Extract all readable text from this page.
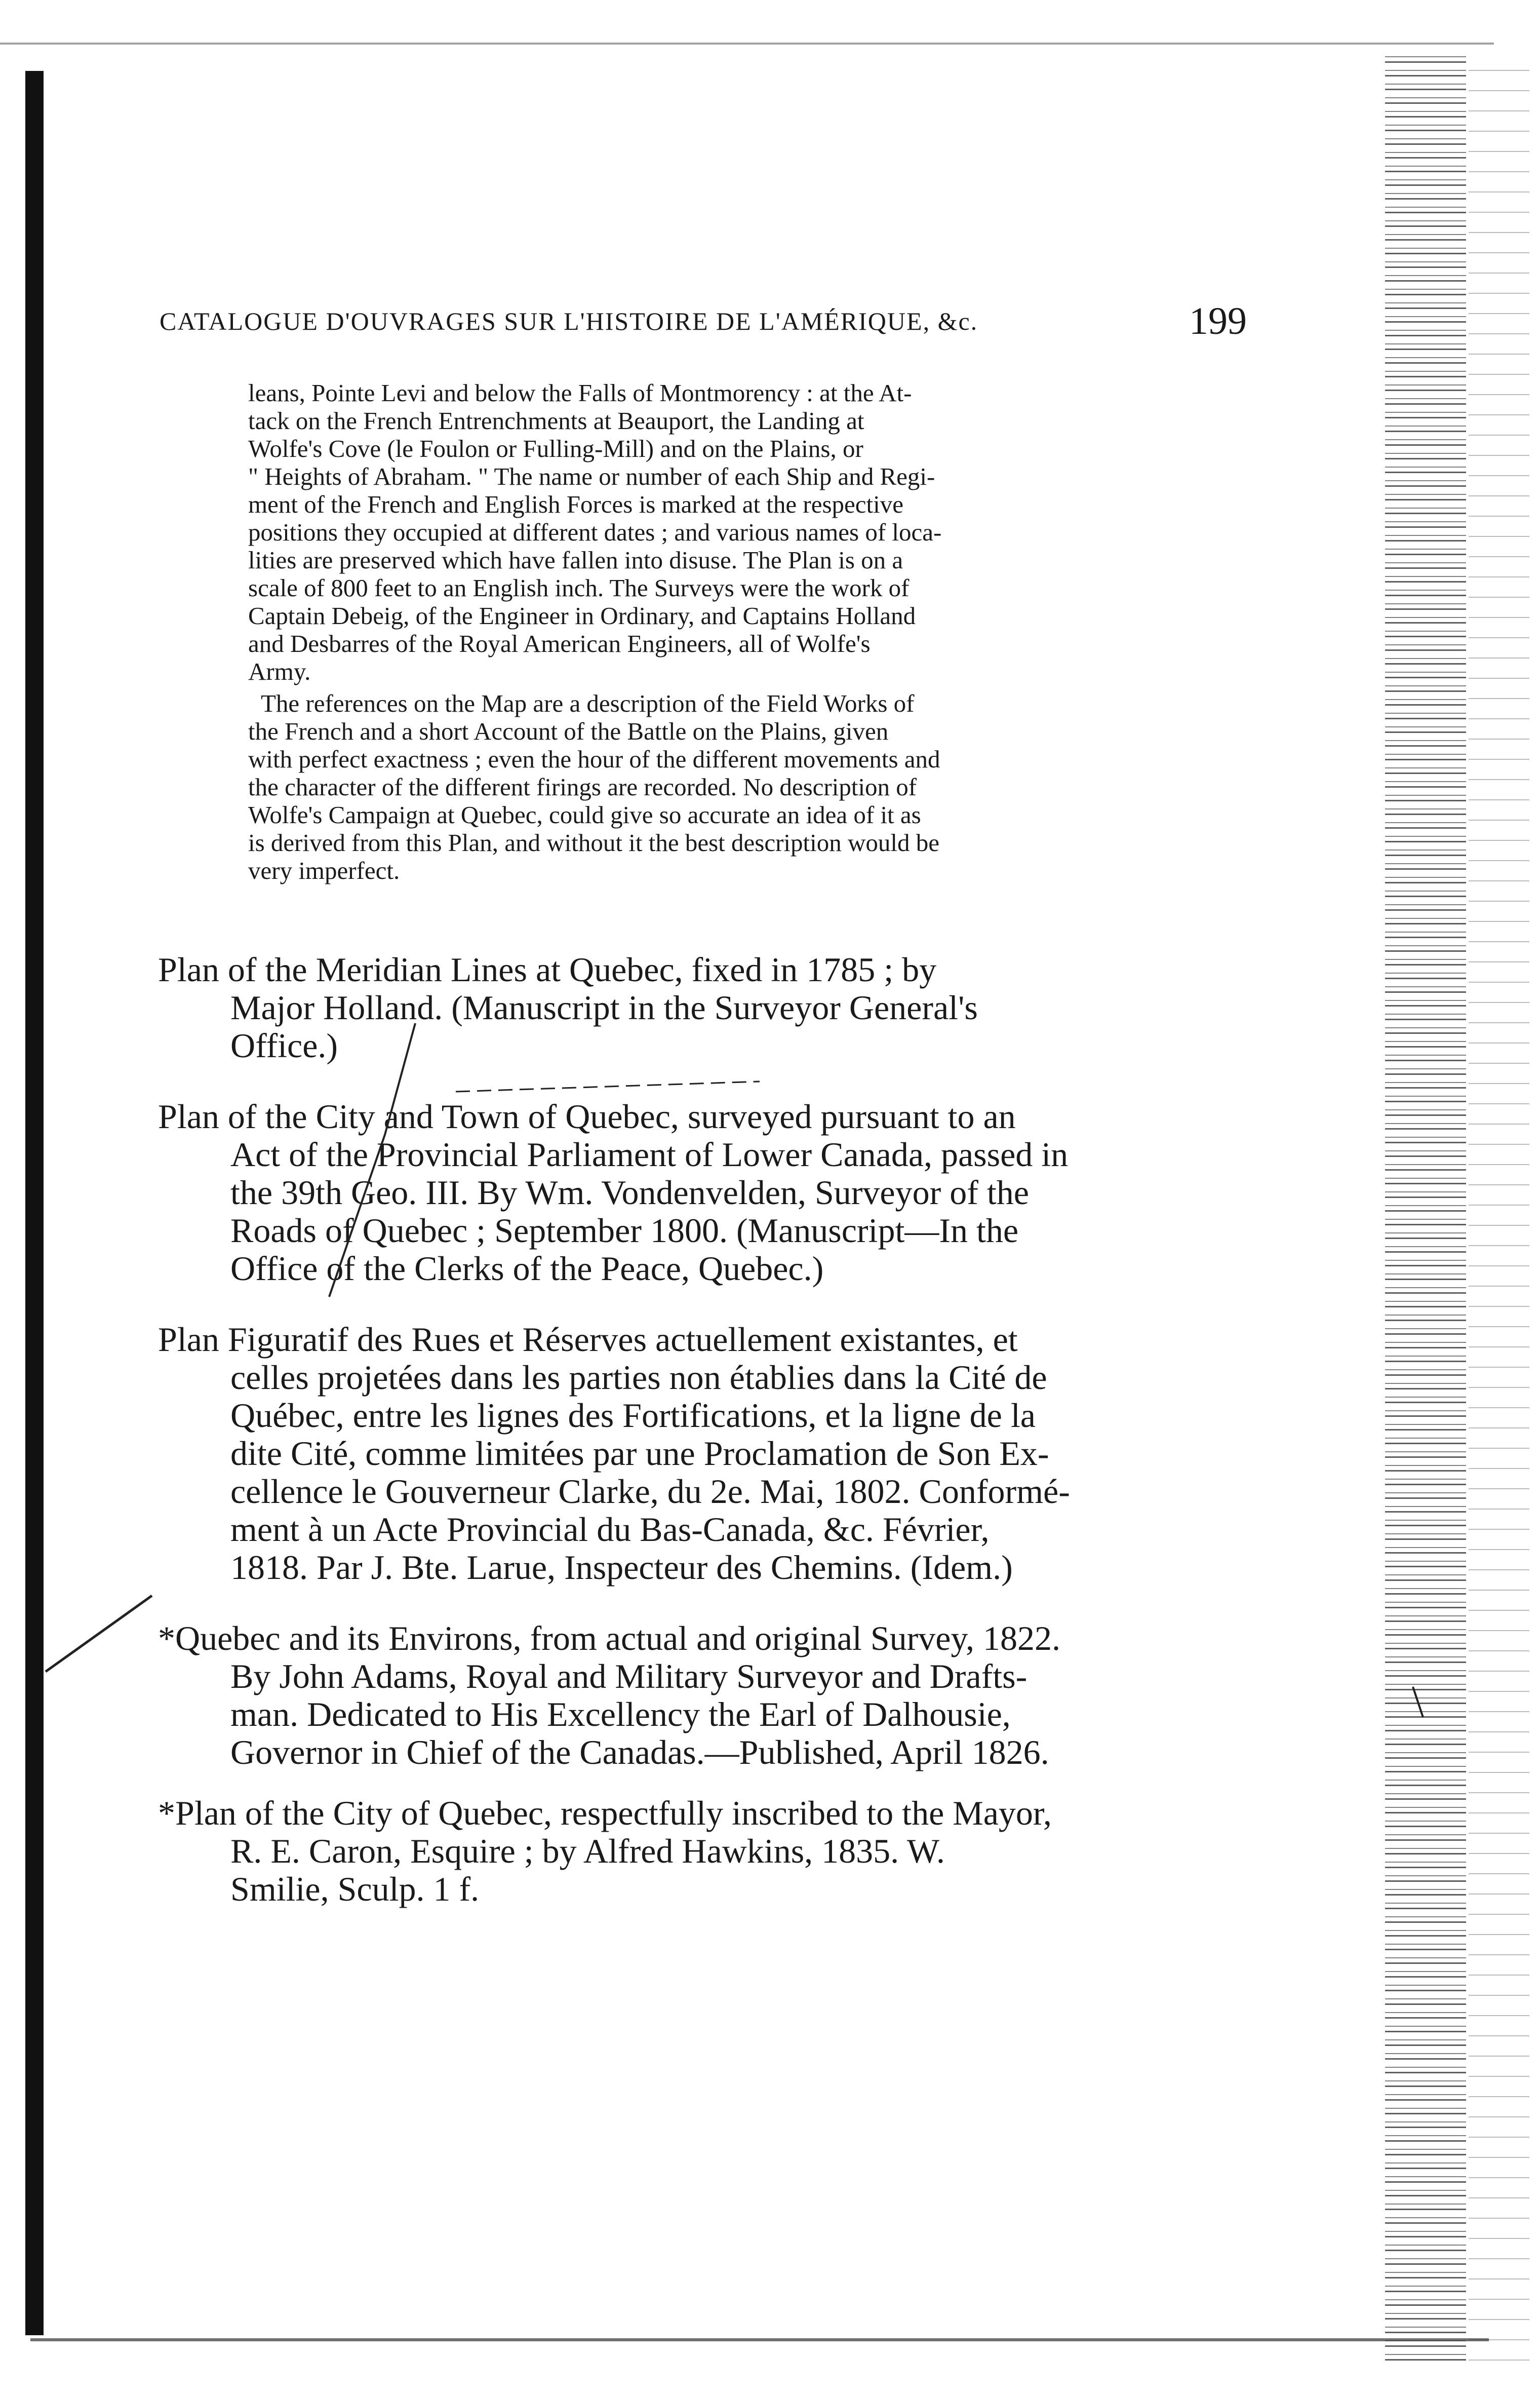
CATALOGUE D'OUVRAGES SUR L'HISTOIRE DE L'AMÉRIQUE, &c.	199
leans, Pointe Levi and below the Falls of Montmorency : at the At-
tack on the French Entrenchments at Beauport, the Landing at
Wolfe's Cove (le Foulon or Fulling-Mill) and on the Plains, or
" Heights of Abraham. " The name or number of each Ship and Regi-
ment of the French and English Forces is marked at the respective
positions they occupied at different dates ; and various names of loca-
lities are preserved which have fallen into disuse. The Plan is on a
scale of 800 feet to an English inch. The Surveys were the work of
Captain Debeig, of the Engineer in Ordinary, and Captains Holland
and Desbarres of the Royal American Engineers, all of Wolfe's
Army.
The references on the Map are a description of the Field Works of
the French and a short Account of the Battle on the Plains, given
with perfect exactness ; even the hour of the different movements and
the character of the different firings are recorded. No description of
Wolfe's Campaign at Quebec, could give so accurate an idea of it as
is derived from this Plan, and without it the best description would be
very imperfect.
Plan of the Meridian Lines at Quebec, fixed in 1785 ; by
Major Holland. (Manuscript in the Surveyor General's
Office.)
Plan of the City and Town of Quebec, surveyed pursuant to an
Act of the Provincial Parliament of Lower Canada, passed in
the 39th Geo. III. By Wm. Vondenvelden, Surveyor of the
Roads of Quebec ; September 1800. (Manuscript—In the
Office of the Clerks of the Peace, Quebec.)
Plan Figuratif des Rues et Réserves actuellement existantes, et
celles projetées dans les parties non établies dans la Cité de
Québec, entre les lignes des Fortifications, et la ligne de la
dite Cité, comme limitées par une Proclamation de Son Ex-
cellence le Gouverneur Clarke, du 2e. Mai, 1802. Conformé-
ment à un Acte Provincial du Bas-Canada, &c. Février,
1818. Par J. Bte. Larue, Inspecteur des Chemins. (Idem.)
*Quebec and its Environs, from actual and original Survey, 1822.
By John Adams, Royal and Military Surveyor and Drafts-
man. Dedicated to His Excellency the Earl of Dalhousie,
Governor in Chief of the Canadas.—Published, April 1826.
*Plan of the City of Quebec, respectfully inscribed to the Mayor,
R. E. Caron, Esquire ; by Alfred Hawkins, 1835. W.
Smilie, Sculp. 1 f.
